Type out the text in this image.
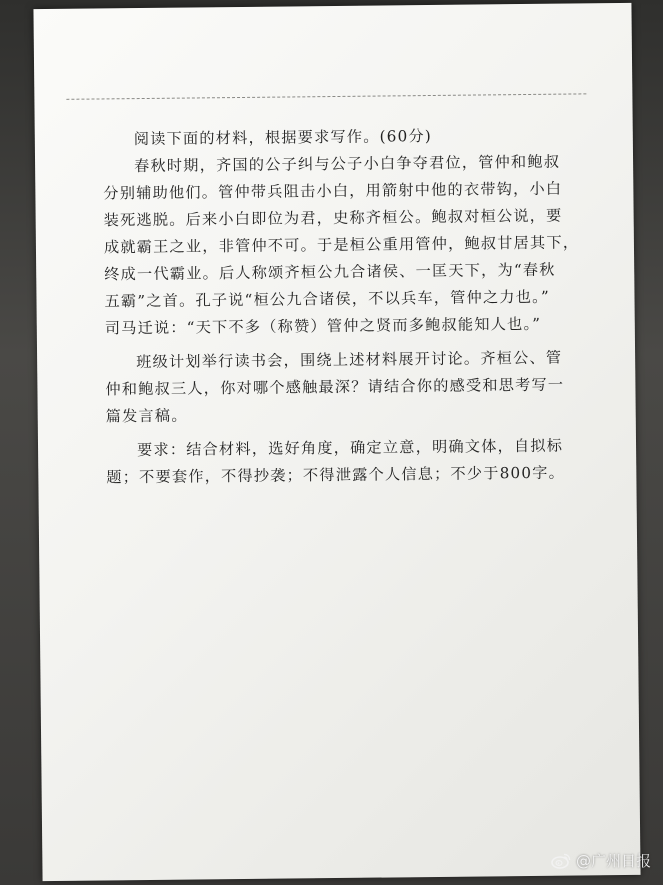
阅读下面的材料，根据要求写作。(60分)
春秋时期，齐国的公子纠与公子小白争夺君位，管仲和鲍叔
分别辅助他们。管仲带兵阻击小白，用箭射中他的衣带钩，小白
装死逃脱。后来小白即位为君，史称齐桓公。鲍叔对桓公说，要
成就霸王之业，非管仲不可。于是桓公重用管仲，鲍叔甘居其下，
终成一代霸业。后人称颂齐桓公九合诸侯、一匡天下，为“春秋
五霸”之首。孔子说“桓公九合诸侯，不以兵车，管仲之力也。”
司马迁说：“天下不多（称赞）管仲之贤而多鲍叔能知人也。”
班级计划举行读书会，围绕上述材料展开讨论。齐桓公、管
仲和鲍叔三人，你对哪个感触最深？请结合你的感受和思考写一
篇发言稿。
要求：结合材料，选好角度，确定立意，明确文体，自拟标
题；不要套作，不得抄袭；不得泄露个人信息；不少于800字。
@广州日报
